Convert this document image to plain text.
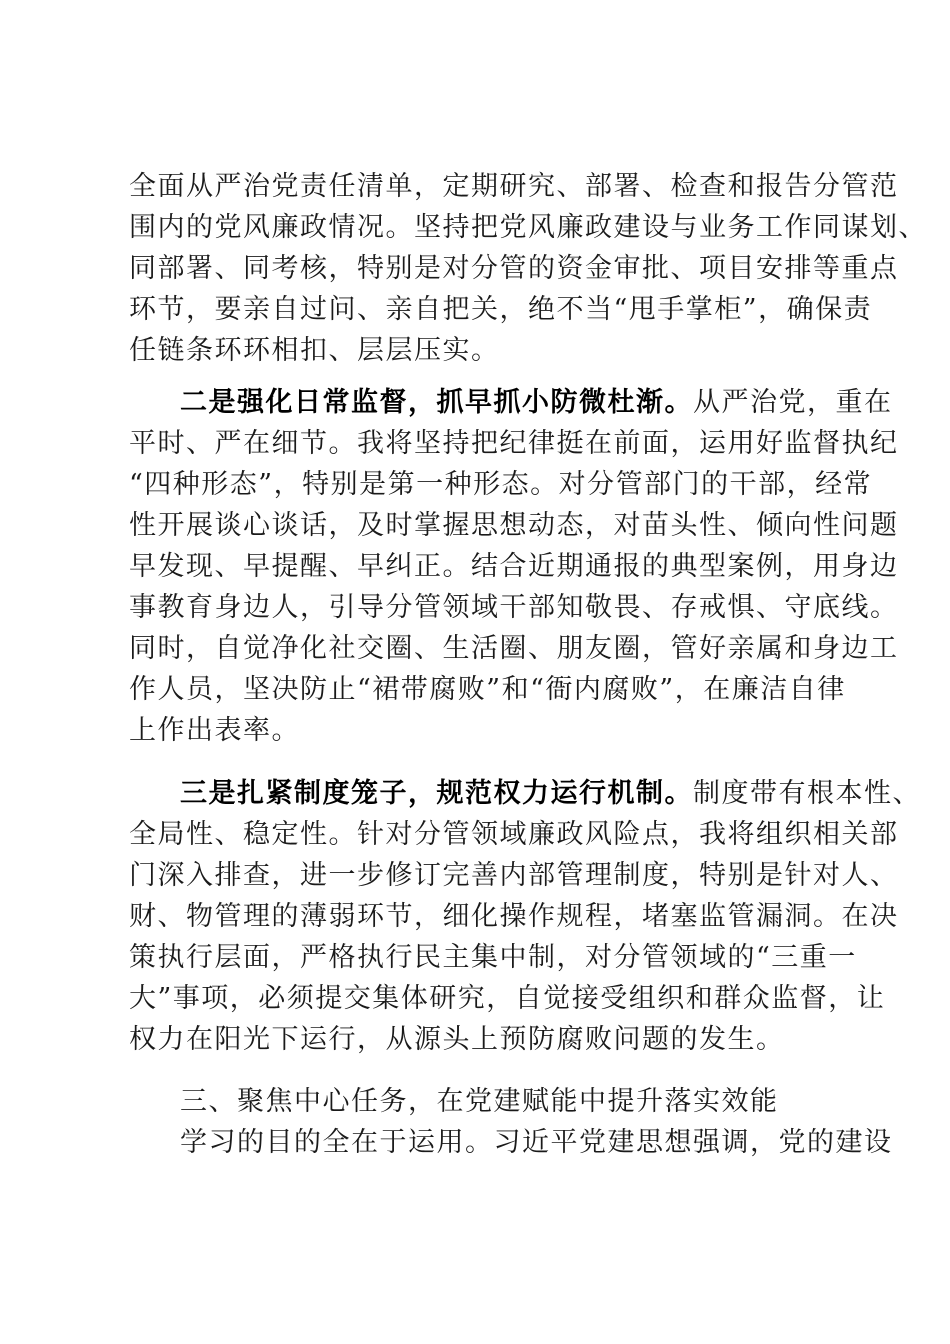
全面从严治党责任清单，定期研究、部署、检查和报告分管范
围内的党风廉政情况。坚持把党风廉政建设与业务工作同谋划、
同部署、同考核，特别是对分管的资金审批、项目安排等重点
环节，要亲自过问、亲自把关，绝不当“甩手掌柜”，确保责
任链条环环相扣、层层压实。
二是强化日常监督，抓早抓小防微杜渐。从严治党，重在
平时、严在细节。我将坚持把纪律挺在前面，运用好监督执纪
“四种形态”，特别是第一种形态。对分管部门的干部，经常
性开展谈心谈话，及时掌握思想动态，对苗头性、倾向性问题
早发现、早提醒、早纠正。结合近期通报的典型案例，用身边
事教育身边人，引导分管领域干部知敬畏、存戒惧、守底线。
同时，自觉净化社交圈、生活圈、朋友圈，管好亲属和身边工
作人员，坚决防止“裙带腐败”和“衙内腐败”，在廉洁自律
上作出表率。
三是扎紧制度笼子，规范权力运行机制。制度带有根本性、
全局性、稳定性。针对分管领域廉政风险点，我将组织相关部
门深入排查，进一步修订完善内部管理制度，特别是针对人、
财、物管理的薄弱环节，细化操作规程，堵塞监管漏洞。在决
策执行层面，严格执行民主集中制，对分管领域的“三重一
大”事项，必须提交集体研究，自觉接受组织和群众监督，让
权力在阳光下运行，从源头上预防腐败问题的发生。
三、聚焦中心任务，在党建赋能中提升落实效能
学习的目的全在于运用。习近平党建思想强调，党的建设
